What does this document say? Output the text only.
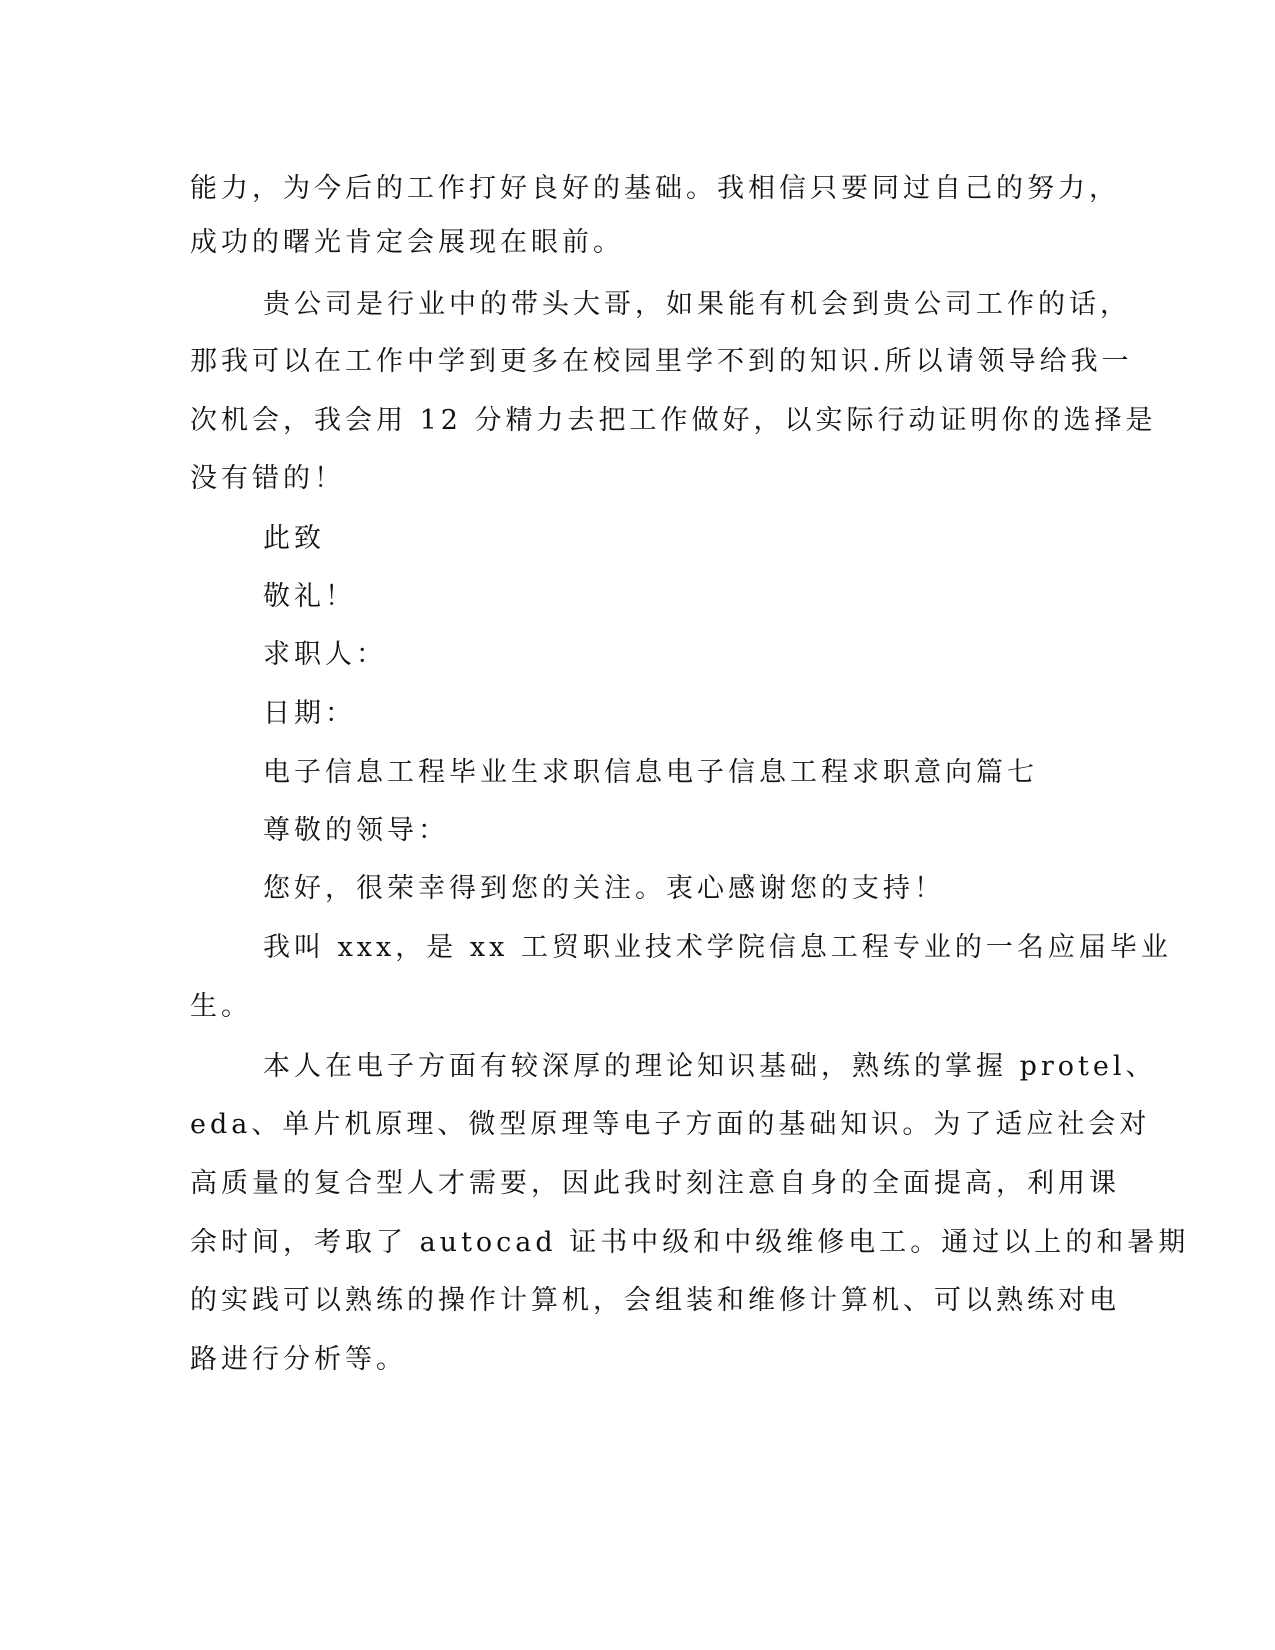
能力，为今后的工作打好良好的基础。我相信只要同过自己的努力，
成功的曙光肯定会展现在眼前。
贵公司是行业中的带头大哥，如果能有机会到贵公司工作的话，
那我可以在工作中学到更多在校园里学不到的知识.所以请领导给我一
次机会，我会用 12 分精力去把工作做好，以实际行动证明你的选择是
没有错的！
此致
敬礼！
求职人：
日期：
电子信息工程毕业生求职信息电子信息工程求职意向篇七
尊敬的领导：
您好，很荣幸得到您的关注。衷心感谢您的支持！
我叫 xxx，是 xx 工贸职业技术学院信息工程专业的一名应届毕业
生。
本人在电子方面有较深厚的理论知识基础，熟练的掌握 protel、
eda、单片机原理、微型原理等电子方面的基础知识。为了适应社会对
高质量的复合型人才需要，因此我时刻注意自身的全面提高，利用课
余时间，考取了 autocad 证书中级和中级维修电工。通过以上的和暑期
的实践可以熟练的操作计算机，会组装和维修计算机、可以熟练对电
路进行分析等。
